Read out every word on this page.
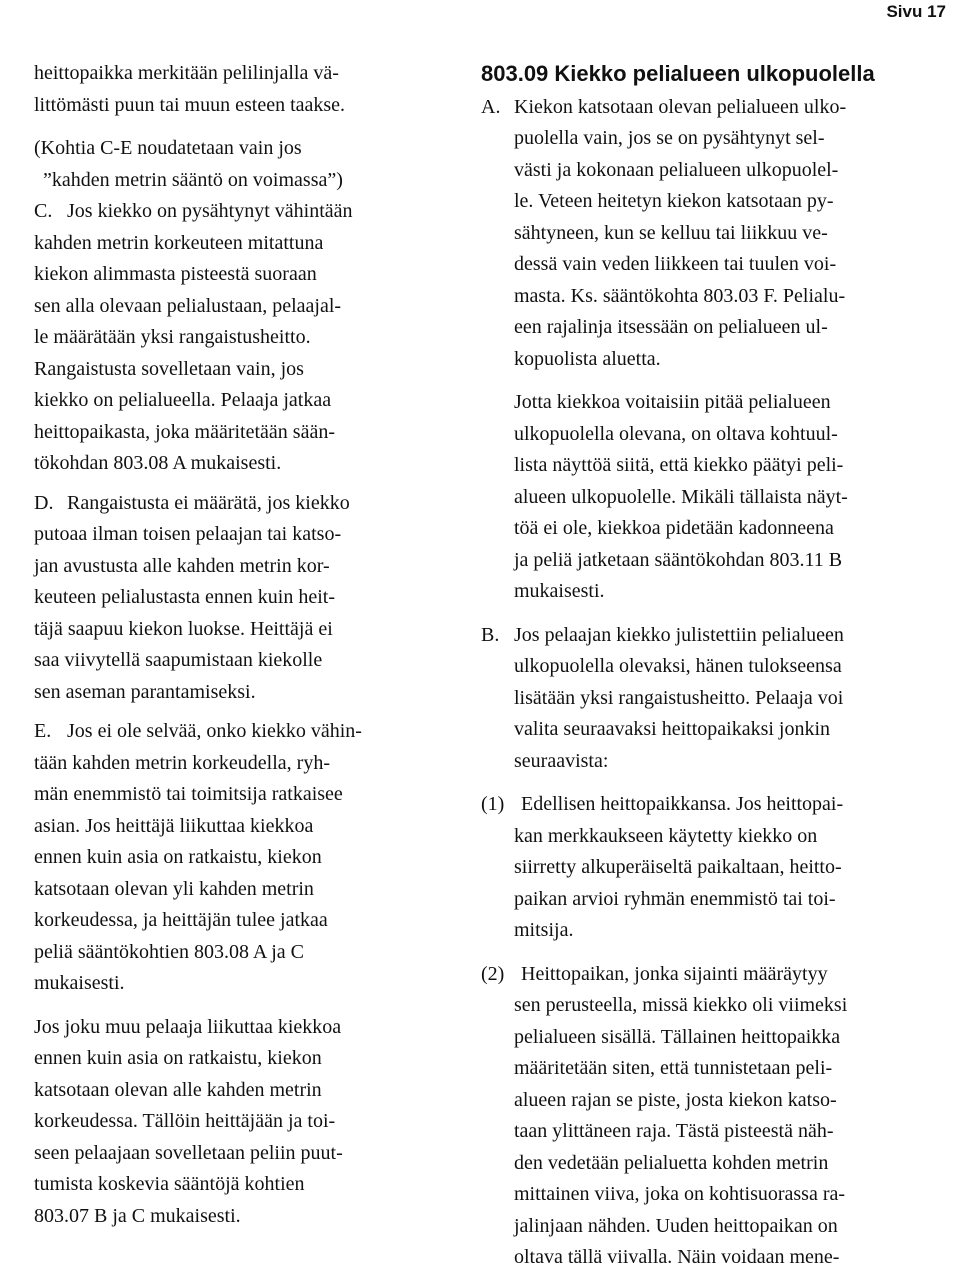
Sivu 17
heittopaikka merkitään pelilinjalla vä-
littömästi puun tai muun esteen taakse.
(Kohtia C-E noudatetaan vain jos
”kahden metrin sääntö on voimassa”)
C. Jos kiekko on pysähtynyt vähintään
kahden metrin korkeuteen mitattuna
kiekon alimmasta pisteestä suoraan
sen alla olevaan pelialustaan, pelaajal-
le määrätään yksi rangaistusheitto.
Rangaistusta sovelletaan vain, jos
kiekko on pelialueella. Pelaaja jatkaa
heittopaikasta, joka määritetään sään-
tökohdan 803.08 A mukaisesti.
D. Rangaistusta ei määrätä, jos kiekko
putoaa ilman toisen pelaajan tai katso-
jan avustusta alle kahden metrin kor-
keuteen pelialustasta ennen kuin heit-
täjä saapuu kiekon luokse. Heittäjä ei
saa viivytellä saapumistaan kiekolle
sen aseman parantamiseksi.
E. Jos ei ole selvää, onko kiekko vähin-
tään kahden metrin korkeudella, ryh-
män enemmistö tai toimitsija ratkaisee
asian. Jos heittäjä liikuttaa kiekkoa
ennen kuin asia on ratkaistu, kiekon
katsotaan olevan yli kahden metrin
korkeudessa, ja heittäjän tulee jatkaa
peliä sääntökohtien 803.08 A ja C
mukaisesti.
Jos joku muu pelaaja liikuttaa kiekkoa
ennen kuin asia on ratkaistu, kiekon
katsotaan olevan alle kahden metrin
korkeudessa. Tällöin heittäjään ja toi-
seen pelaajaan sovelletaan peliin puut-
tumista koskevia sääntöjä kohtien
803.07 B ja C mukaisesti.
803.09 Kiekko pelialueen ulkopuolella
A. Kiekon katsotaan olevan pelialueen ulko-
puolella vain, jos se on pysähtynyt sel-
västi ja kokonaan pelialueen ulkopuolel-
le. Veteen heitetyn kiekon katsotaan py-
sähtyneen, kun se kelluu tai liikkuu ve-
dessä vain veden liikkeen tai tuulen voi-
masta. Ks. sääntökohta 803.03 F. Pelialu-
een rajalinja itsessään on pelialueen ul-
kopuolista aluetta.
Jotta kiekkoa voitaisiin pitää pelialueen
ulkopuolella olevana, on oltava kohtuul-
lista näyttöä siitä, että kiekko päätyi peli-
alueen ulkopuolelle. Mikäli tällaista näyt-
töä ei ole, kiekkoa pidetään kadonneena
ja peliä jatketaan sääntökohdan 803.11 B
mukaisesti.
B. Jos pelaajan kiekko julistettiin pelialueen
ulkopuolella olevaksi, hänen tulokseensa
lisätään yksi rangaistusheitto. Pelaaja voi
valita seuraavaksi heittopaikaksi jonkin
seuraavista:
(1) Edellisen heittopaikkansa. Jos heittopai-
kan merkkaukseen käytetty kiekko on
siirretty alkuperäiseltä paikaltaan, heitto-
paikan arvioi ryhmän enemmistö tai toi-
mitsija.
(2) Heittopaikan, jonka sijainti määräytyy
sen perusteella, missä kiekko oli viimeksi
pelialueen sisällä. Tällainen heittopaikka
määritetään siten, että tunnistetaan peli-
alueen rajan se piste, josta kiekon katso-
taan ylittäneen raja. Tästä pisteestä näh-
den vedetään pelialuetta kohden metrin
mittainen viiva, joka on kohtisuorassa ra-
jalinjaan nähden. Uuden heittopaikan on
oltava tällä viivalla. Näin voidaan mene-
